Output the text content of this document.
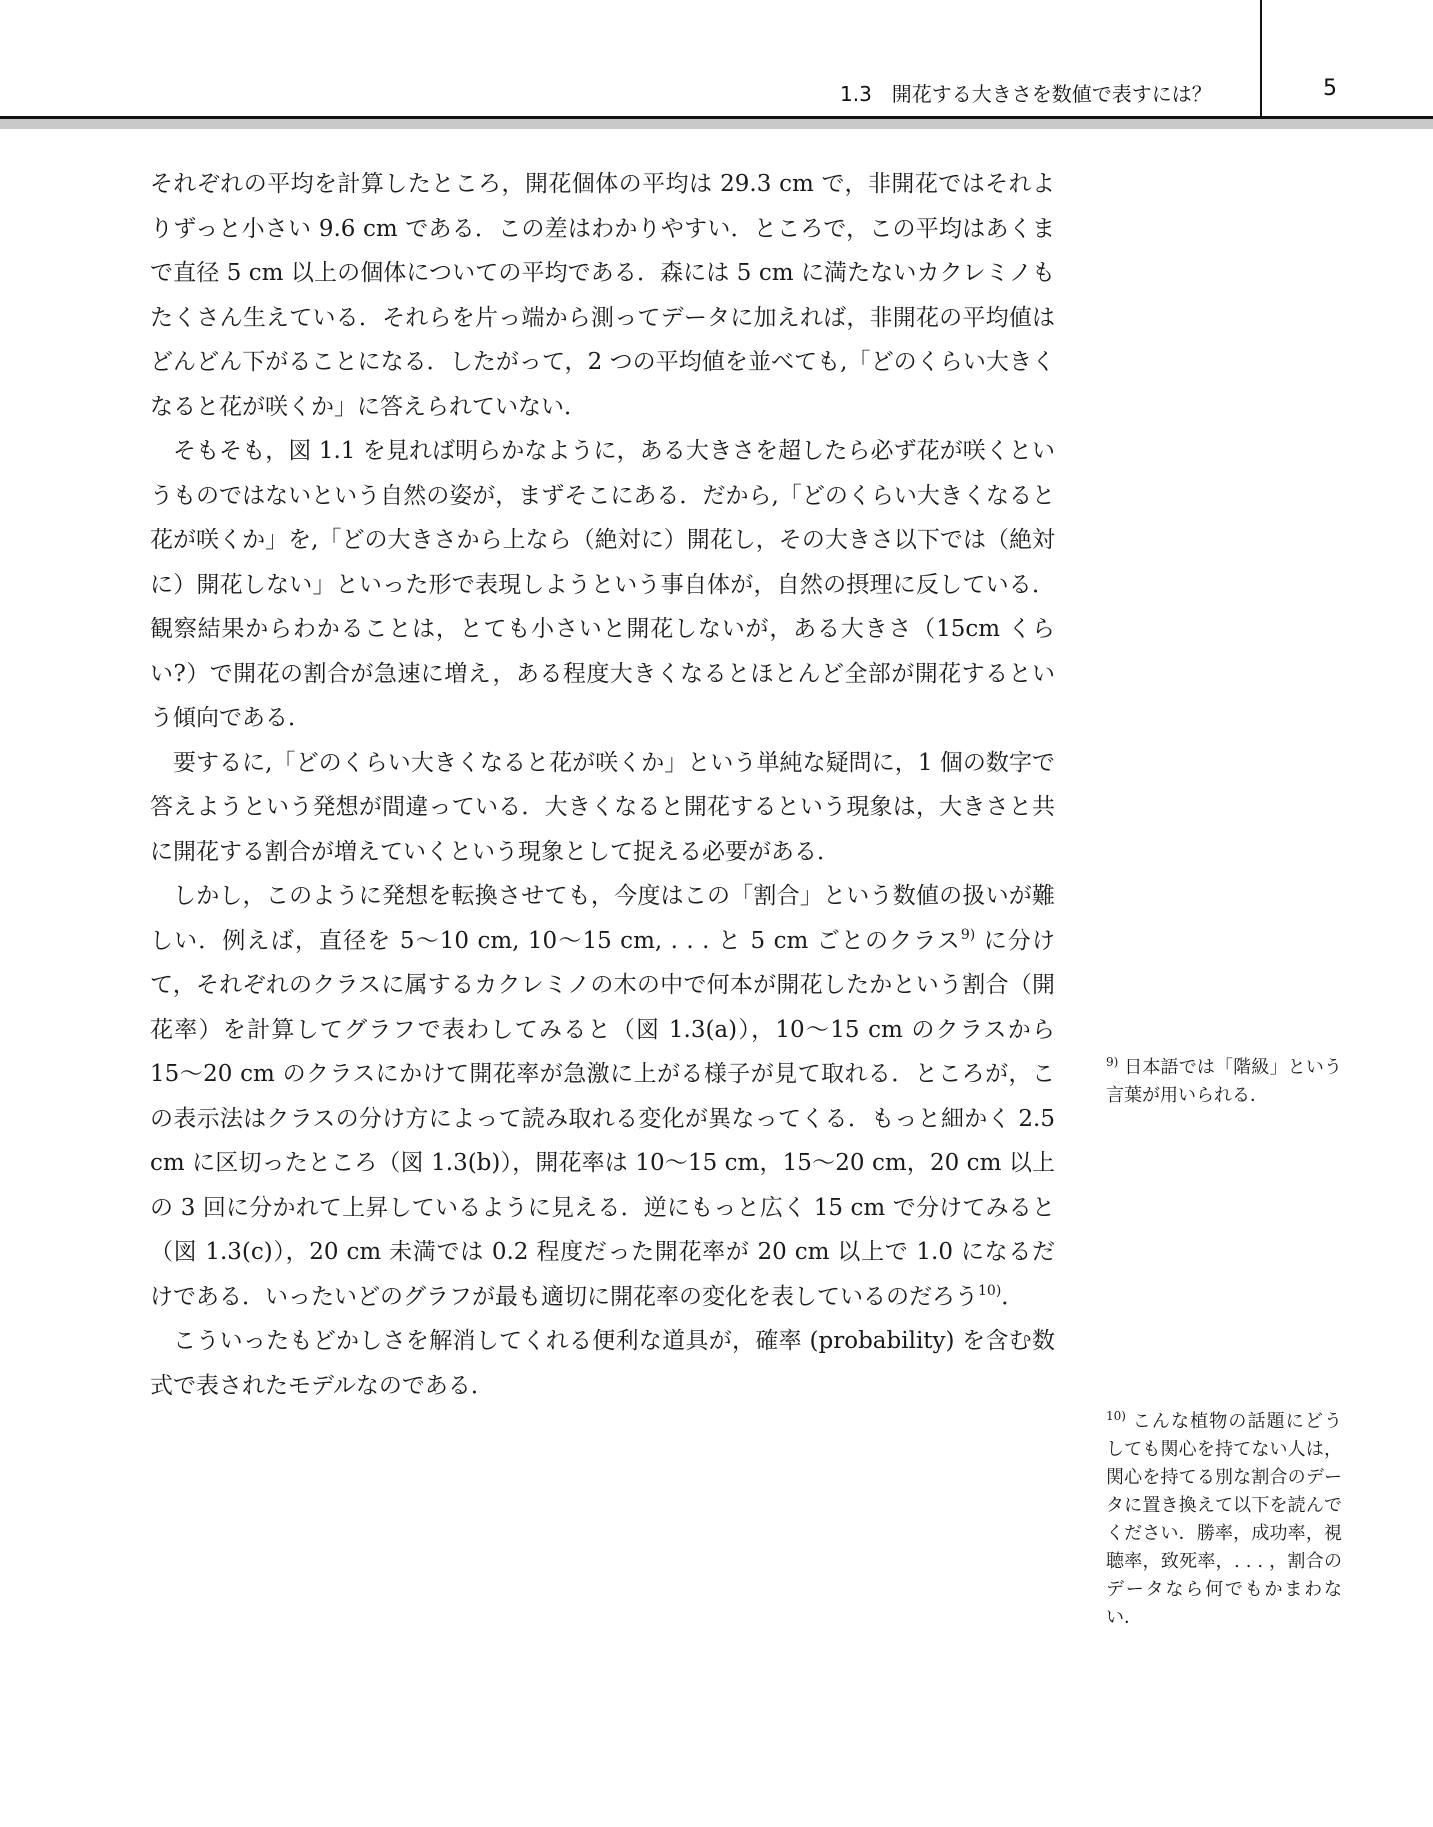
1.3　開花する大きさを数値で表すには？	5

それぞれの平均を計算したところ，開花個体の平均は 29.3 cm で，非開花ではそれよりずっと小さい 9.6 cm である．この差はわかりやすい．ところで，この平均はあくまで直径 5 cm 以上の個体についての平均である．森には 5 cm に満たないカクレミノもたくさん生えている．それらを片っ端から測ってデータに加えれば，非開花の平均値はどんどん下がることになる．したがって，2 つの平均値を並べても,「どのくらい大きくなると花が咲くか」に答えられていない．

そもそも，図 1.1 を見れば明らかなように，ある大きさを超したら必ず花が咲くというものではないという自然の姿が，まずそこにある．だから,「どのくらい大きくなると花が咲くか」を,「どの大きさから上なら（絶対に）開花し，その大きさ以下では（絶対に）開花しない」といった形で表現しようという事自体が，自然の摂理に反している．観察結果からわかることは，とても小さいと開花しないが，ある大きさ（15cm くらい?）で開花の割合が急速に増え，ある程度大きくなるとほとんど全部が開花するという傾向である．

要するに,「どのくらい大きくなると花が咲くか」という単純な疑問に，1 個の数字で答えようという発想が間違っている．大きくなると開花するという現象は，大きさと共に開花する割合が増えていくという現象として捉える必要がある．

しかし，このように発想を転換させても，今度はこの「割合」という数値の扱いが難しい．例えば，直径を 5〜10 cm, 10〜15 cm, . . . と 5 cm ごとのクラス$^{9)}$ に分けて，それぞれのクラスに属するカクレミノの木の中で何本が開花したかという割合（開花率）を計算してグラフで表わしてみると（図 1.3(a)），10〜15 cm のクラスから 15〜20 cm のクラスにかけて開花率が急激に上がる様子が見て取れる．ところが，この表示法はクラスの分け方によって読み取れる変化が異なってくる．もっと細かく 2.5 cm に区切ったところ（図 1.3(b)），開花率は 10〜15 cm，15〜20 cm，20 cm 以上の 3 回に分かれて上昇しているように見える．逆にもっと広く 15 cm で分けてみると（図 1.3(c)），20 cm 未満では 0.2 程度だった開花率が 20 cm 以上で 1.0 になるだけである．いったいどのグラフが最も適切に開花率の変化を表しているのだろう$^{10)}$．

こういったもどかしさを解消してくれる便利な道具が，確率 (probability) を含む数式で表されたモデルなのである．

$^{9)}$ 日本語では「階級」という言葉が用いられる．
$^{10)}$ こんな植物の話題にどうしても関心を持てない人は，関心を持てる別な割合のデータに置き換えて以下を読んでください．勝率，成功率，視聴率，致死率，. . . ，割合のデータなら何でもかまわない．
